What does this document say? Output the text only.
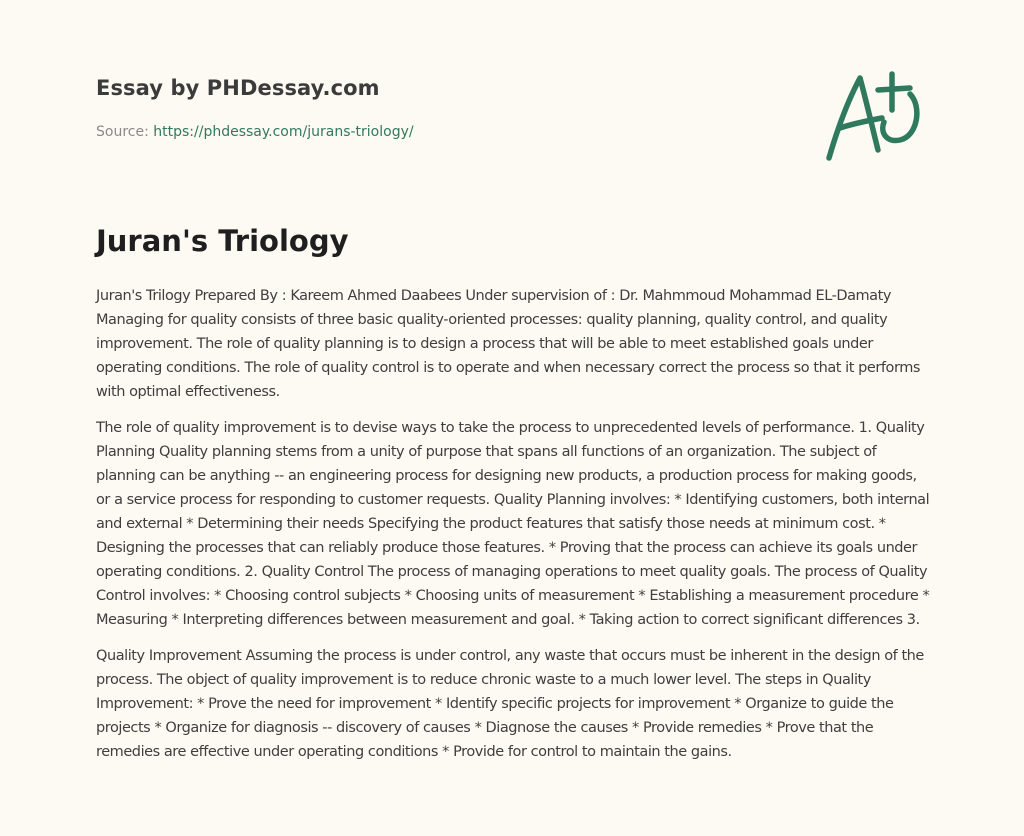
Essay by PHDessay.com
Source: https://phdessay.com/jurans-triology/
Juran's Triology

Juran's Trilogy Prepared By : Kareem Ahmed Daabees Under supervision of : Dr. Mahmmoud Mohammad EL-Damaty Managing for quality consists of three basic quality-oriented processes: quality planning, quality control, and quality improvement. The role of quality planning is to design a process that will be able to meet established goals under operating conditions. The role of quality control is to operate and when necessary correct the process so that it performs with optimal effectiveness.

The role of quality improvement is to devise ways to take the process to unprecedented levels of performance. 1. Quality Planning Quality planning stems from a unity of purpose that spans all functions of an organization. The subject of planning can be anything -- an engineering process for designing new products, a production process for making goods, or a service process for responding to customer requests. Quality Planning involves: * Identifying customers, both internal and external * Determining their needs Specifying the product features that satisfy those needs at minimum cost. * Designing the processes that can reliably produce those features. * Proving that the process can achieve its goals under operating conditions. 2. Quality Control The process of managing operations to meet quality goals. The process of Quality Control involves: * Choosing control subjects * Choosing units of measurement * Establishing a measurement procedure * Measuring * Interpreting differences between measurement and goal. * Taking action to correct significant differences 3.

Quality Improvement Assuming the process is under control, any waste that occurs must be inherent in the design of the process. The object of quality improvement is to reduce chronic waste to a much lower level. The steps in Quality Improvement: * Prove the need for improvement * Identify specific projects for improvement * Organize to guide the projects * Organize for diagnosis -- discovery of causes * Diagnose the causes * Provide remedies * Prove that the remedies are effective under operating conditions * Provide for control to maintain the gains.
